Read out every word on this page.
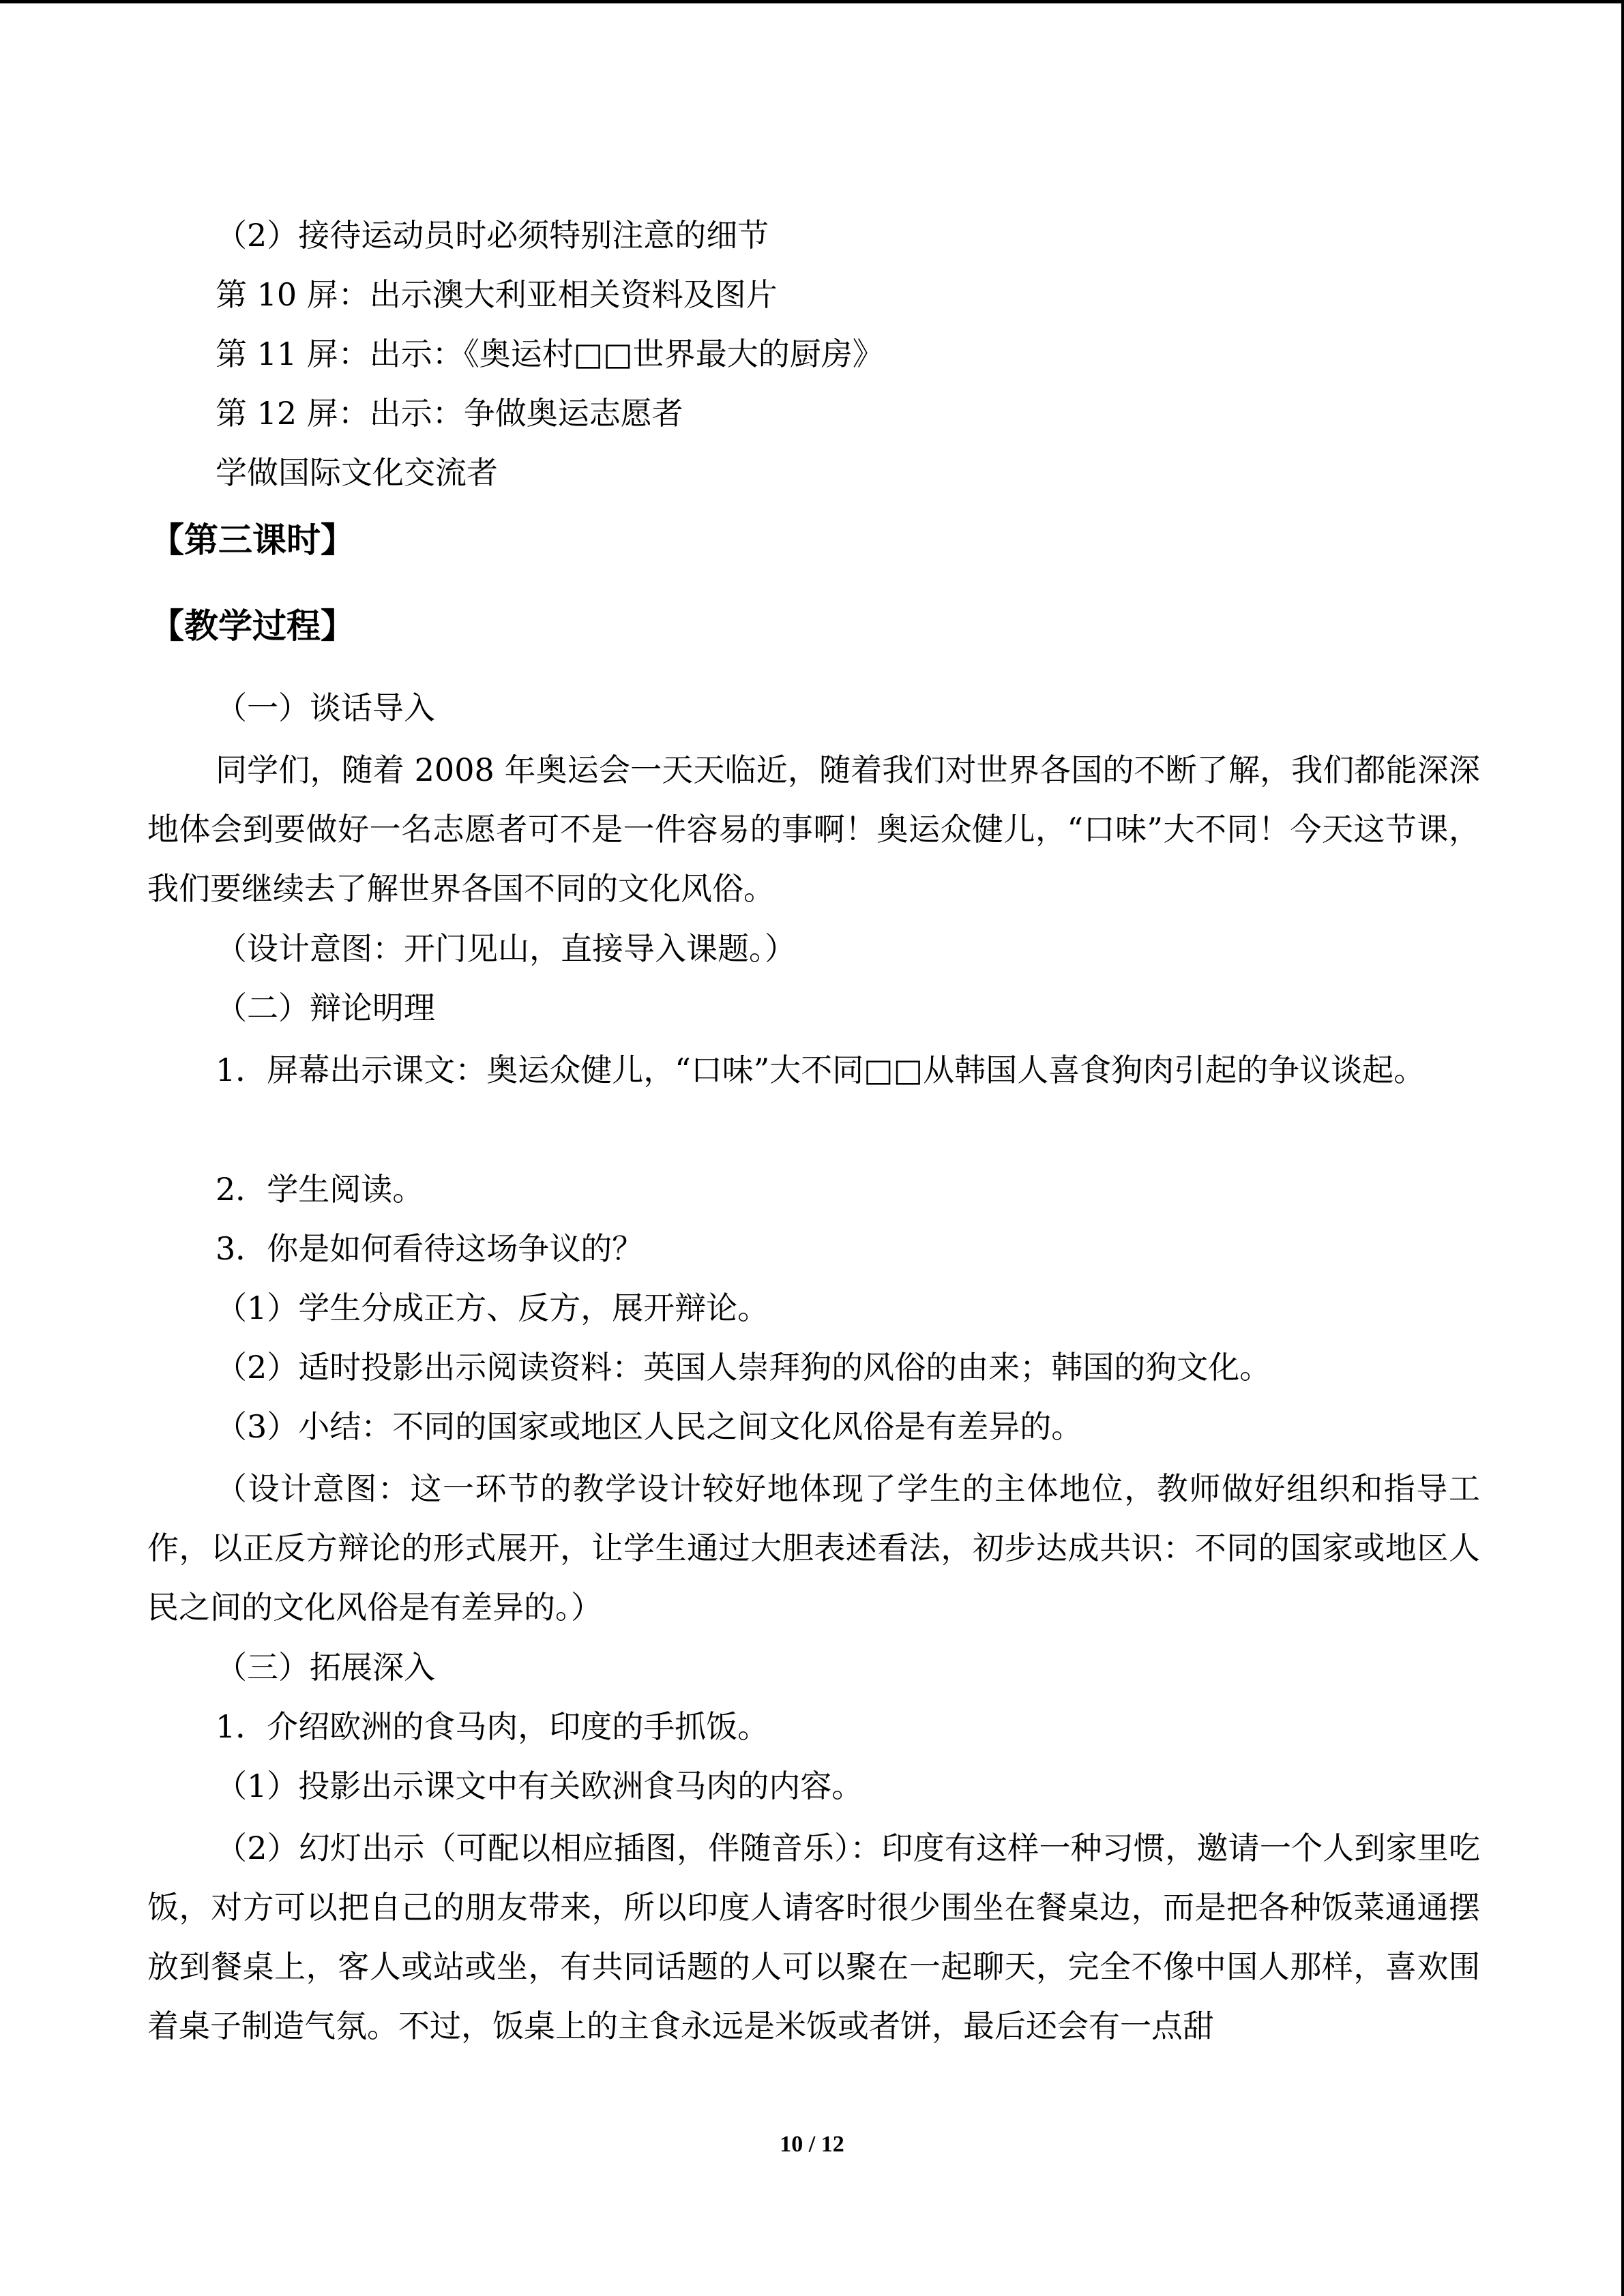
（2）接待运动员时必须特别注意的细节
第 10 屏：出示澳大利亚相关资料及图片
第 11 屏：出示：《奥运村□□世界最大的厨房》
第 12 屏：出示：争做奥运志愿者
学做国际文化交流者
【第三课时】
【教学过程】
（一）谈话导入
同学们，随着 2008 年奥运会一天天临近，随着我们对世界各国的不断了解，我们都能深深地体会到要做好一名志愿者可不是一件容易的事啊！奥运众健儿，“口味”大不同！今天这节课，我们要继续去了解世界各国不同的文化风俗。
（设计意图：开门见山，直接导入课题。）
（二）辩论明理
1．屏幕出示课文：奥运众健儿，“口味”大不同□□从韩国人喜食狗肉引起的争议谈起。
2．学生阅读。
3．你是如何看待这场争议的？
（1）学生分成正方、反方，展开辩论。
（2）适时投影出示阅读资料：英国人崇拜狗的风俗的由来；韩国的狗文化。
（3）小结：不同的国家或地区人民之间文化风俗是有差异的。
（设计意图：这一环节的教学设计较好地体现了学生的主体地位，教师做好组织和指导工作，以正反方辩论的形式展开，让学生通过大胆表述看法，初步达成共识：不同的国家或地区人民之间的文化风俗是有差异的。）
（三）拓展深入
1．介绍欧洲的食马肉，印度的手抓饭。
（1）投影出示课文中有关欧洲食马肉的内容。
（2）幻灯出示（可配以相应插图，伴随音乐）：印度有这样一种习惯，邀请一个人到家里吃饭，对方可以把自己的朋友带来，所以印度人请客时很少围坐在餐桌边，而是把各种饭菜通通摆放到餐桌上，客人或站或坐，有共同话题的人可以聚在一起聊天，完全不像中国人那样，喜欢围着桌子制造气氛。不过，饭桌上的主食永远是米饭或者饼，最后还会有一点甜
10 / 12
